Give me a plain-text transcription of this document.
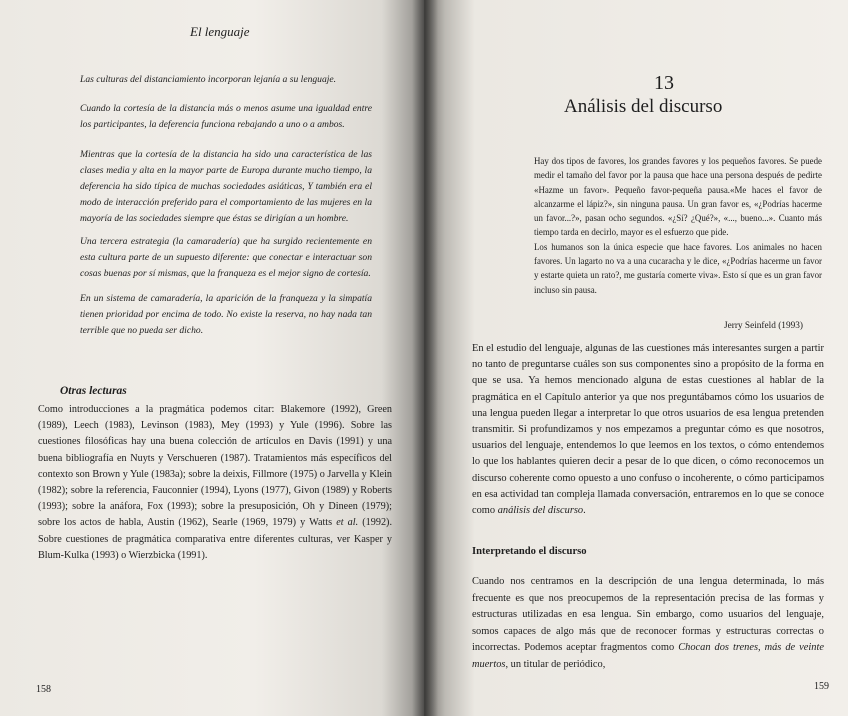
El lenguaje

Las culturas del distanciamiento incorporan lejanía a su lenguaje.

Cuando la cortesía de la distancia más o menos asume una igualdad entre los participantes, la deferencia funciona rebajando a uno o a ambos.

Mientras que la cortesía de la distancia ha sido una característica de las clases media y alta en la mayor parte de Europa durante mucho tiempo, la deferencia ha sido típica de muchas sociedades asiáticas, Y también era el modo de interacción preferido para el comportamiento de las mujeres en la mayoría de las sociedades siempre que éstas se dirigían a un hombre.

Una tercera estrategia (la camaradería) que ha surgido recientemente en esta cultura parte de un supuesto diferente: que conectar e interactuar son cosas buenas por sí mismas, que la franqueza es el mejor signo de cortesía.

En un sistema de camaradería, la aparición de la franqueza y la simpatía tienen prioridad por encima de todo. No existe la reserva, no hay nada tan terrible que no pueda ser dicho.

Otras lecturas

Como introducciones a la pragmática podemos citar: Blakemore (1992), Green (1989), Leech (1983), Levinson (1983), Mey (1993) y Yule (1996). Sobre las cuestiones filosóficas hay una buena colección de artículos en Davis (1991) y una buena bibliografía en Nuyts y Verschueren (1987). Tratamientos más específicos del contexto son Brown y Yule (1983a); sobre la deixis, Fillmore (1975) o Jarvella y Klein (1982); sobre la referencia, Fauconnier (1994), Lyons (1977), Givon (1989) y Roberts (1993); sobre la anáfora, Fox (1993); sobre la presuposición, Oh y Dineen (1979); sobre los actos de habla, Austin (1962), Searle (1969, 1979) y Watts et al. (1992). Sobre cuestiones de pragmática comparativa entre diferentes culturas, ver Kasper y Blum-Kulka (1993) o Wierzbicka (1991).

158
13
Análisis del discurso

Hay dos tipos de favores, los grandes favores y los pequeños favores. Se puede medir el tamaño del favor por la pausa que hace una persona después de pedirte «Hazme un favor». Pequeño favor-pequeña pausa.«Me haces el favor de alcanzarme el lápiz?», sin ninguna pausa. Un gran favor es, «¿Podrías hacerme un favor...?», pasan ocho segundos. «¿Sí? ¿Qué?», «..., bueno...». Cuanto más tiempo tarda en decirlo, mayor es el esfuerzo que pide.

Los humanos son la única especie que hace favores. Los animales no hacen favores. Un lagarto no va a una cucaracha y le dice, «¿Podrías hacerme un favor y estarte quieta un rato?, me gustaría comerte viva». Esto sí que es un gran favor incluso sin pausa.

Jerry Seinfeld (1993)

En el estudio del lenguaje, algunas de las cuestiones más interesantes surgen a partir no tanto de preguntarse cuáles son sus componentes sino a propósito de la forma en que se usa. Ya hemos mencionado alguna de estas cuestiones al hablar de la pragmática en el Capítulo anterior ya que nos preguntábamos cómo los usuarios de una lengua pueden llegar a interpretar lo que otros usuarios de esa lengua pretenden transmitir. Si profundizamos y nos empezamos a preguntar cómo es que nosotros, usuarios del lenguaje, entendemos lo que leemos en los textos, o cómo entendemos lo que los hablantes quieren decir a pesar de lo que dicen, o cómo reconocemos un discurso coherente como opuesto a uno confuso o incoherente, o cómo participamos en esa actividad tan compleja llamada conversación, entraremos en lo que se conoce como análisis del discurso.

Interpretando el discurso

Cuando nos centramos en la descripción de una lengua determinada, lo más frecuente es que nos preocupemos de la representación precisa de las formas y estructuras utilizadas en esa lengua. Sin embargo, como usuarios del lenguaje, somos capaces de algo más que de reconocer formas y estructuras correctas o incorrectas. Podemos aceptar fragmentos como Chocan dos trenes, más de veinte muertos, un titular de periódico,

159
